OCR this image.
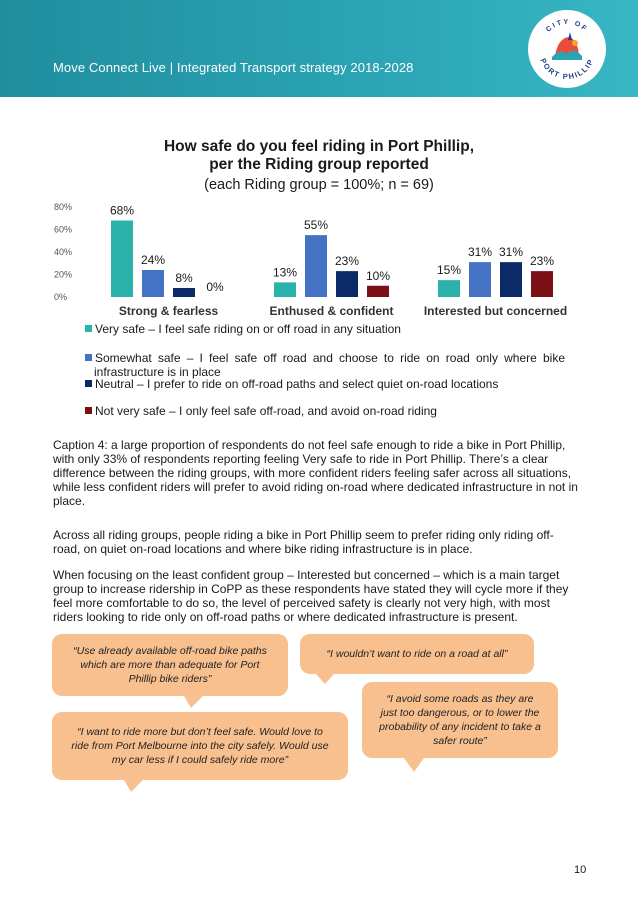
Move Connect Live | Integrated Transport strategy 2018-2028
CITY OF
PORT PHILLIP
How safe do you feel riding in Port Phillip,
per the Riding group reported
(each Riding group = 100%; n = 69)
0%
20%
40%
60%
80%	68%
24%
8%
0%
Strong & fearless
13%
55%
23%
10%
Enthused & confident
15%
31% 31%
23%
Interested but concerned
Very safe – I feel safe riding on or off road in any situation
Somewhat safe – I feel safe off road and choose to ride on road only where bike
infrastructure is in place
Neutral – I prefer to ride on off-road paths and select quiet on-road locations
Not very safe – I only feel safe off-road, and avoid on-road riding
Caption 4: a large proportion of respondents do not feel safe enough to ride a bike in Port Phillip,
with only 33% of respondents reporting feeling Very safe to ride in Port Phillip. There’s a clear
difference between the riding groups, with more confident riders feeling safer across all situations,
while less confident riders will prefer to avoid riding on-road where dedicated infrastructure in not in
place.
Across all riding groups, people riding a bike in Port Phillip seem to prefer riding only riding off-
road, on quiet on-road locations and where bike riding infrastructure is in place.
When focusing on the least confident group – Interested but concerned – which is a main target
group to increase ridership in CoPP as these respondents have stated they will cycle more if they
feel more comfortable to do so, the level of perceived safety is clearly not very high, with most
riders looking to ride only on off-road paths or where dedicated infrastructure is present.
“Use already available off-road bike paths
which are more than adequate for Port
Phillip bike riders”
“I wouldn’t want to ride on a road at all”
“I avoid some roads as they are
just too dangerous, or to lower the
probability of any incident to take a
safer route”
“I want to ride more but don’t feel safe. Would love to
ride from Port Melbourne into the city safely. Would use
my car less if I could safely ride more”
10
